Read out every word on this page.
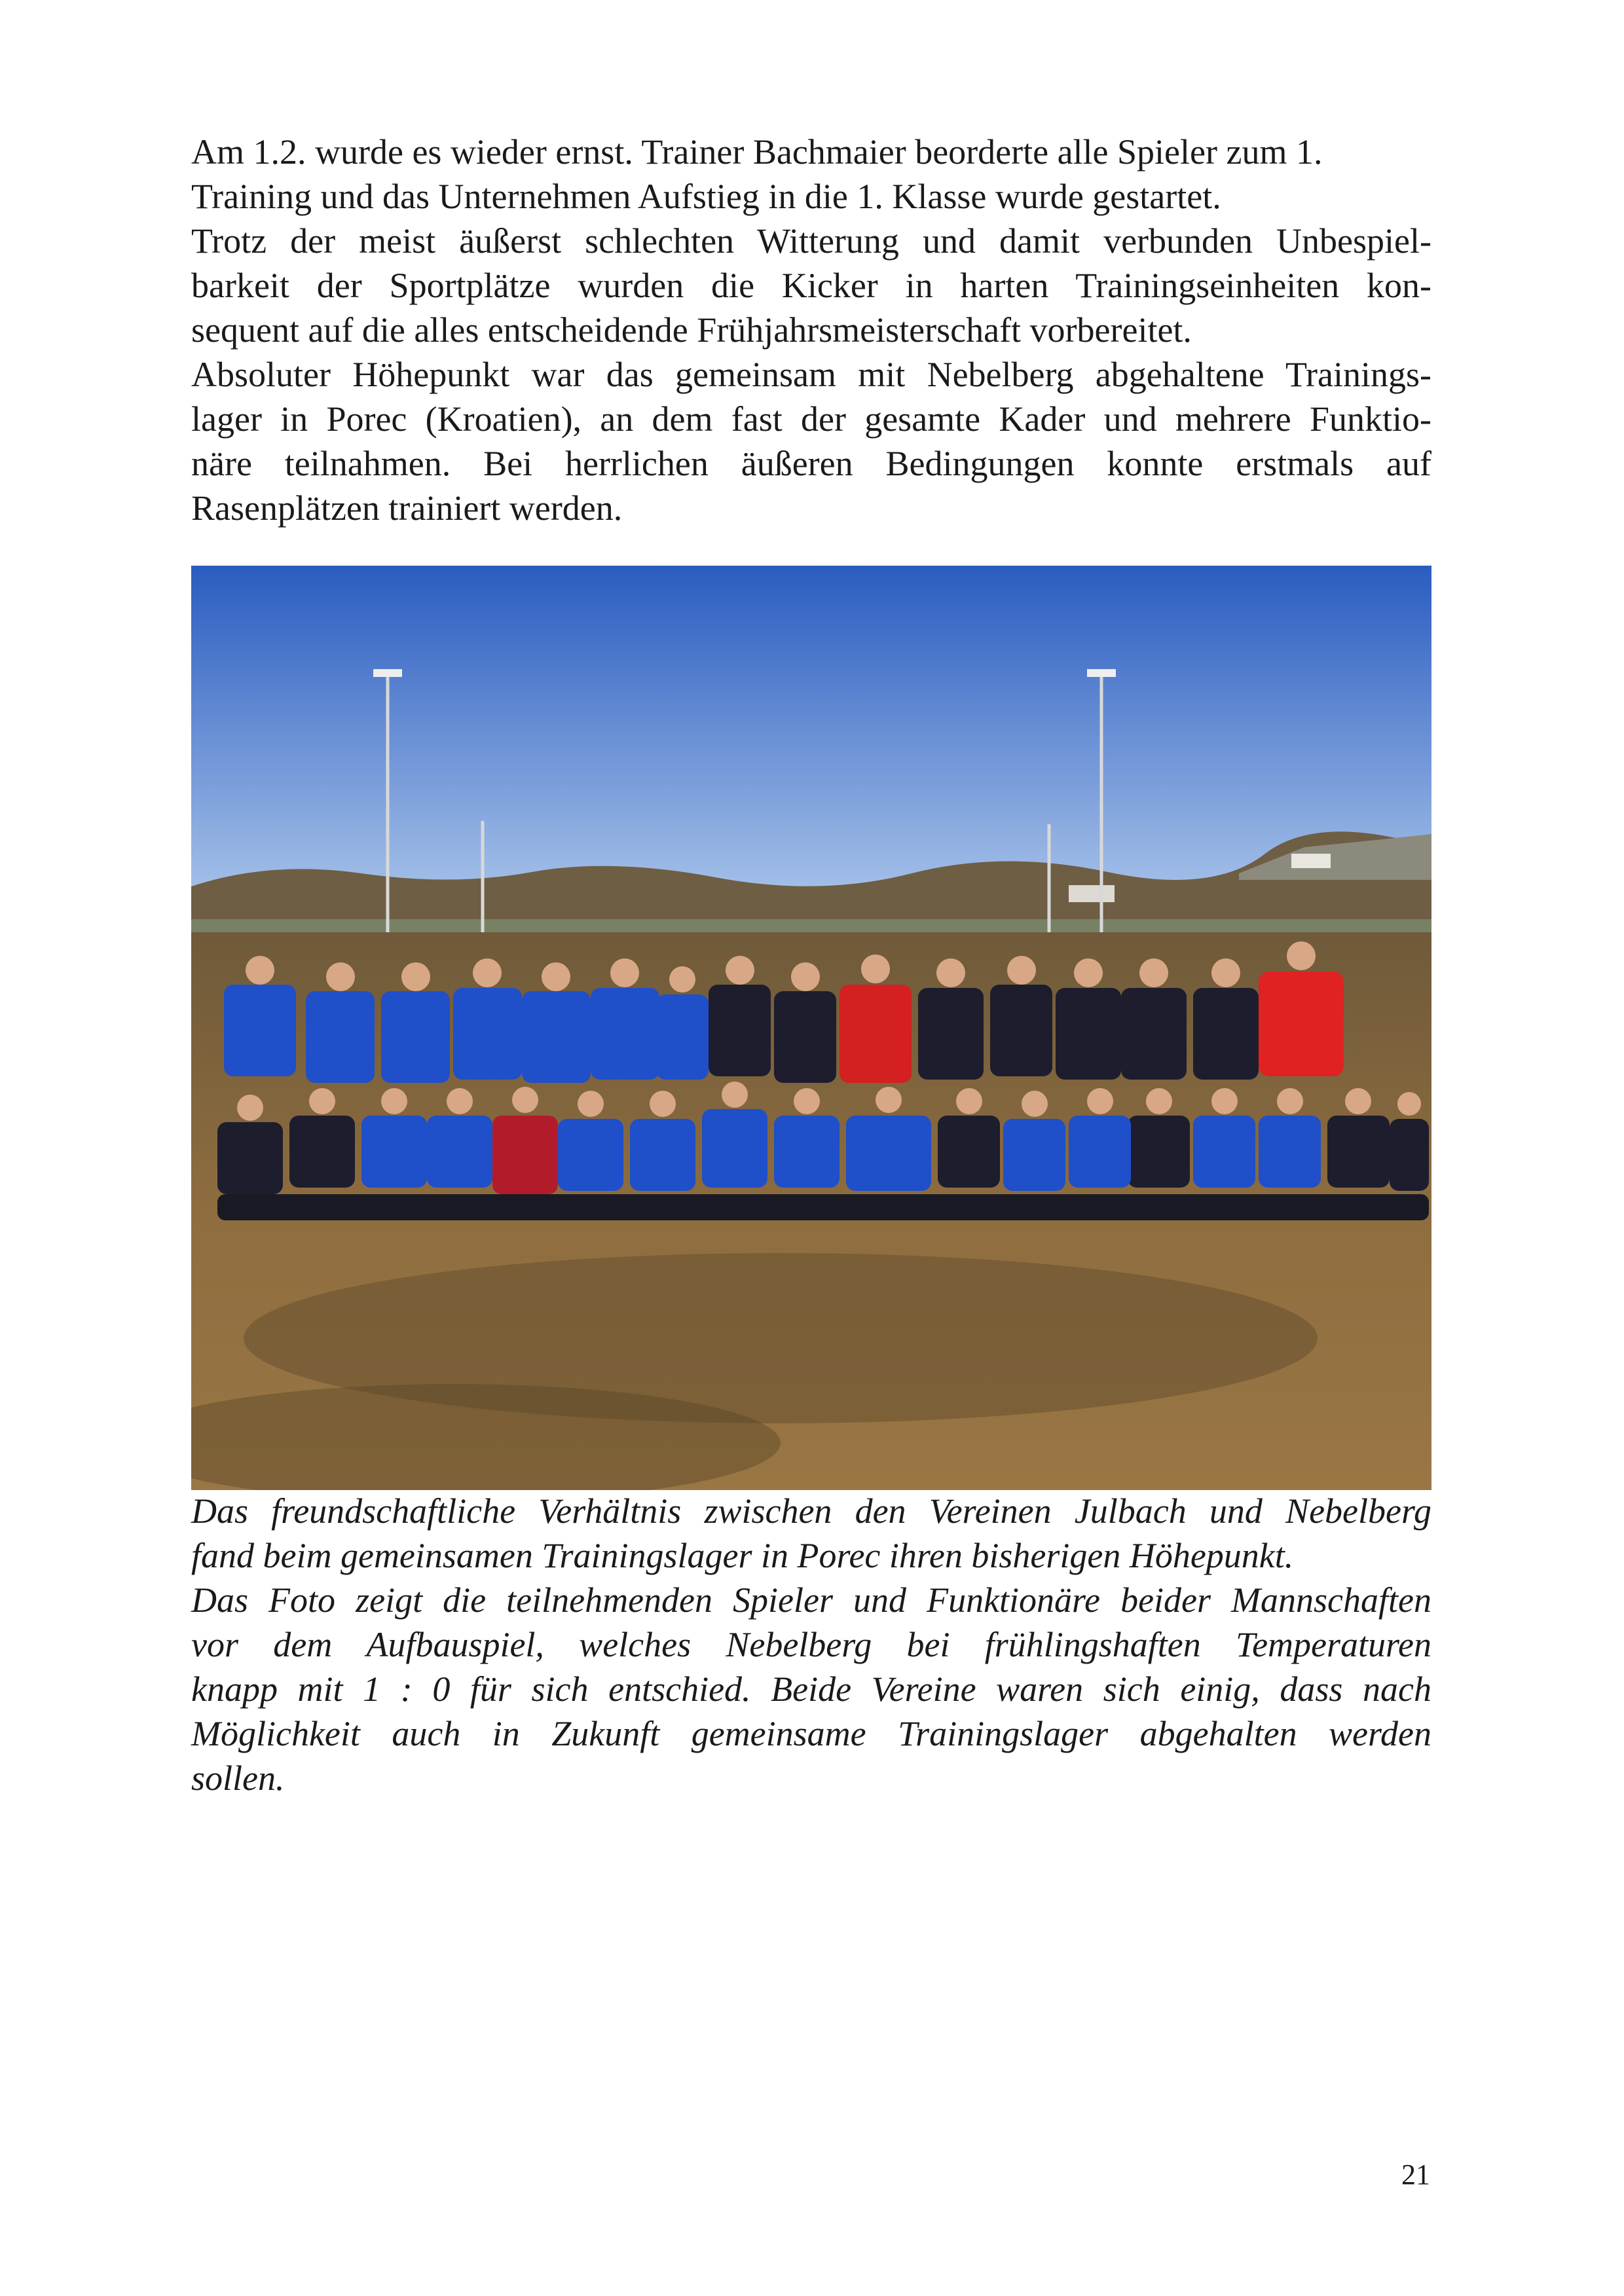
Am 1.2. wurde es wieder ernst. Trainer Bachmaier beorderte alle Spieler zum 1.
Training und das Unternehmen Aufstieg in die 1. Klasse wurde gestartet.
Trotz der meist äußerst schlechten Witterung und damit verbunden Unbespiel-
barkeit der Sportplätze wurden die Kicker in harten Trainingseinheiten kon-
sequent auf die alles entscheidende Frühjahrsmeisterschaft vorbereitet.
Absoluter Höhepunkt war das gemeinsam mit Nebelberg abgehaltene Trainings-
lager in Porec (Kroatien), an dem fast der gesamte Kader und mehrere Funktio-
näre teilnahmen. Bei herrlichen äußeren Bedingungen konnte erstmals auf
Rasenplätzen trainiert werden.
Das freundschaftliche Verhältnis zwischen den Vereinen Julbach und Nebelberg
fand beim gemeinsamen Trainingslager in Porec ihren bisherigen Höhepunkt.
Das Foto zeigt die teilnehmenden Spieler und Funktionäre beider Mannschaften
vor dem Aufbauspiel, welches Nebelberg bei frühlingshaften Temperaturen
knapp mit 1 : 0 für sich entschied. Beide Vereine waren sich einig, dass nach
Möglichkeit auch in Zukunft gemeinsame Trainingslager abgehalten werden
sollen.
21
